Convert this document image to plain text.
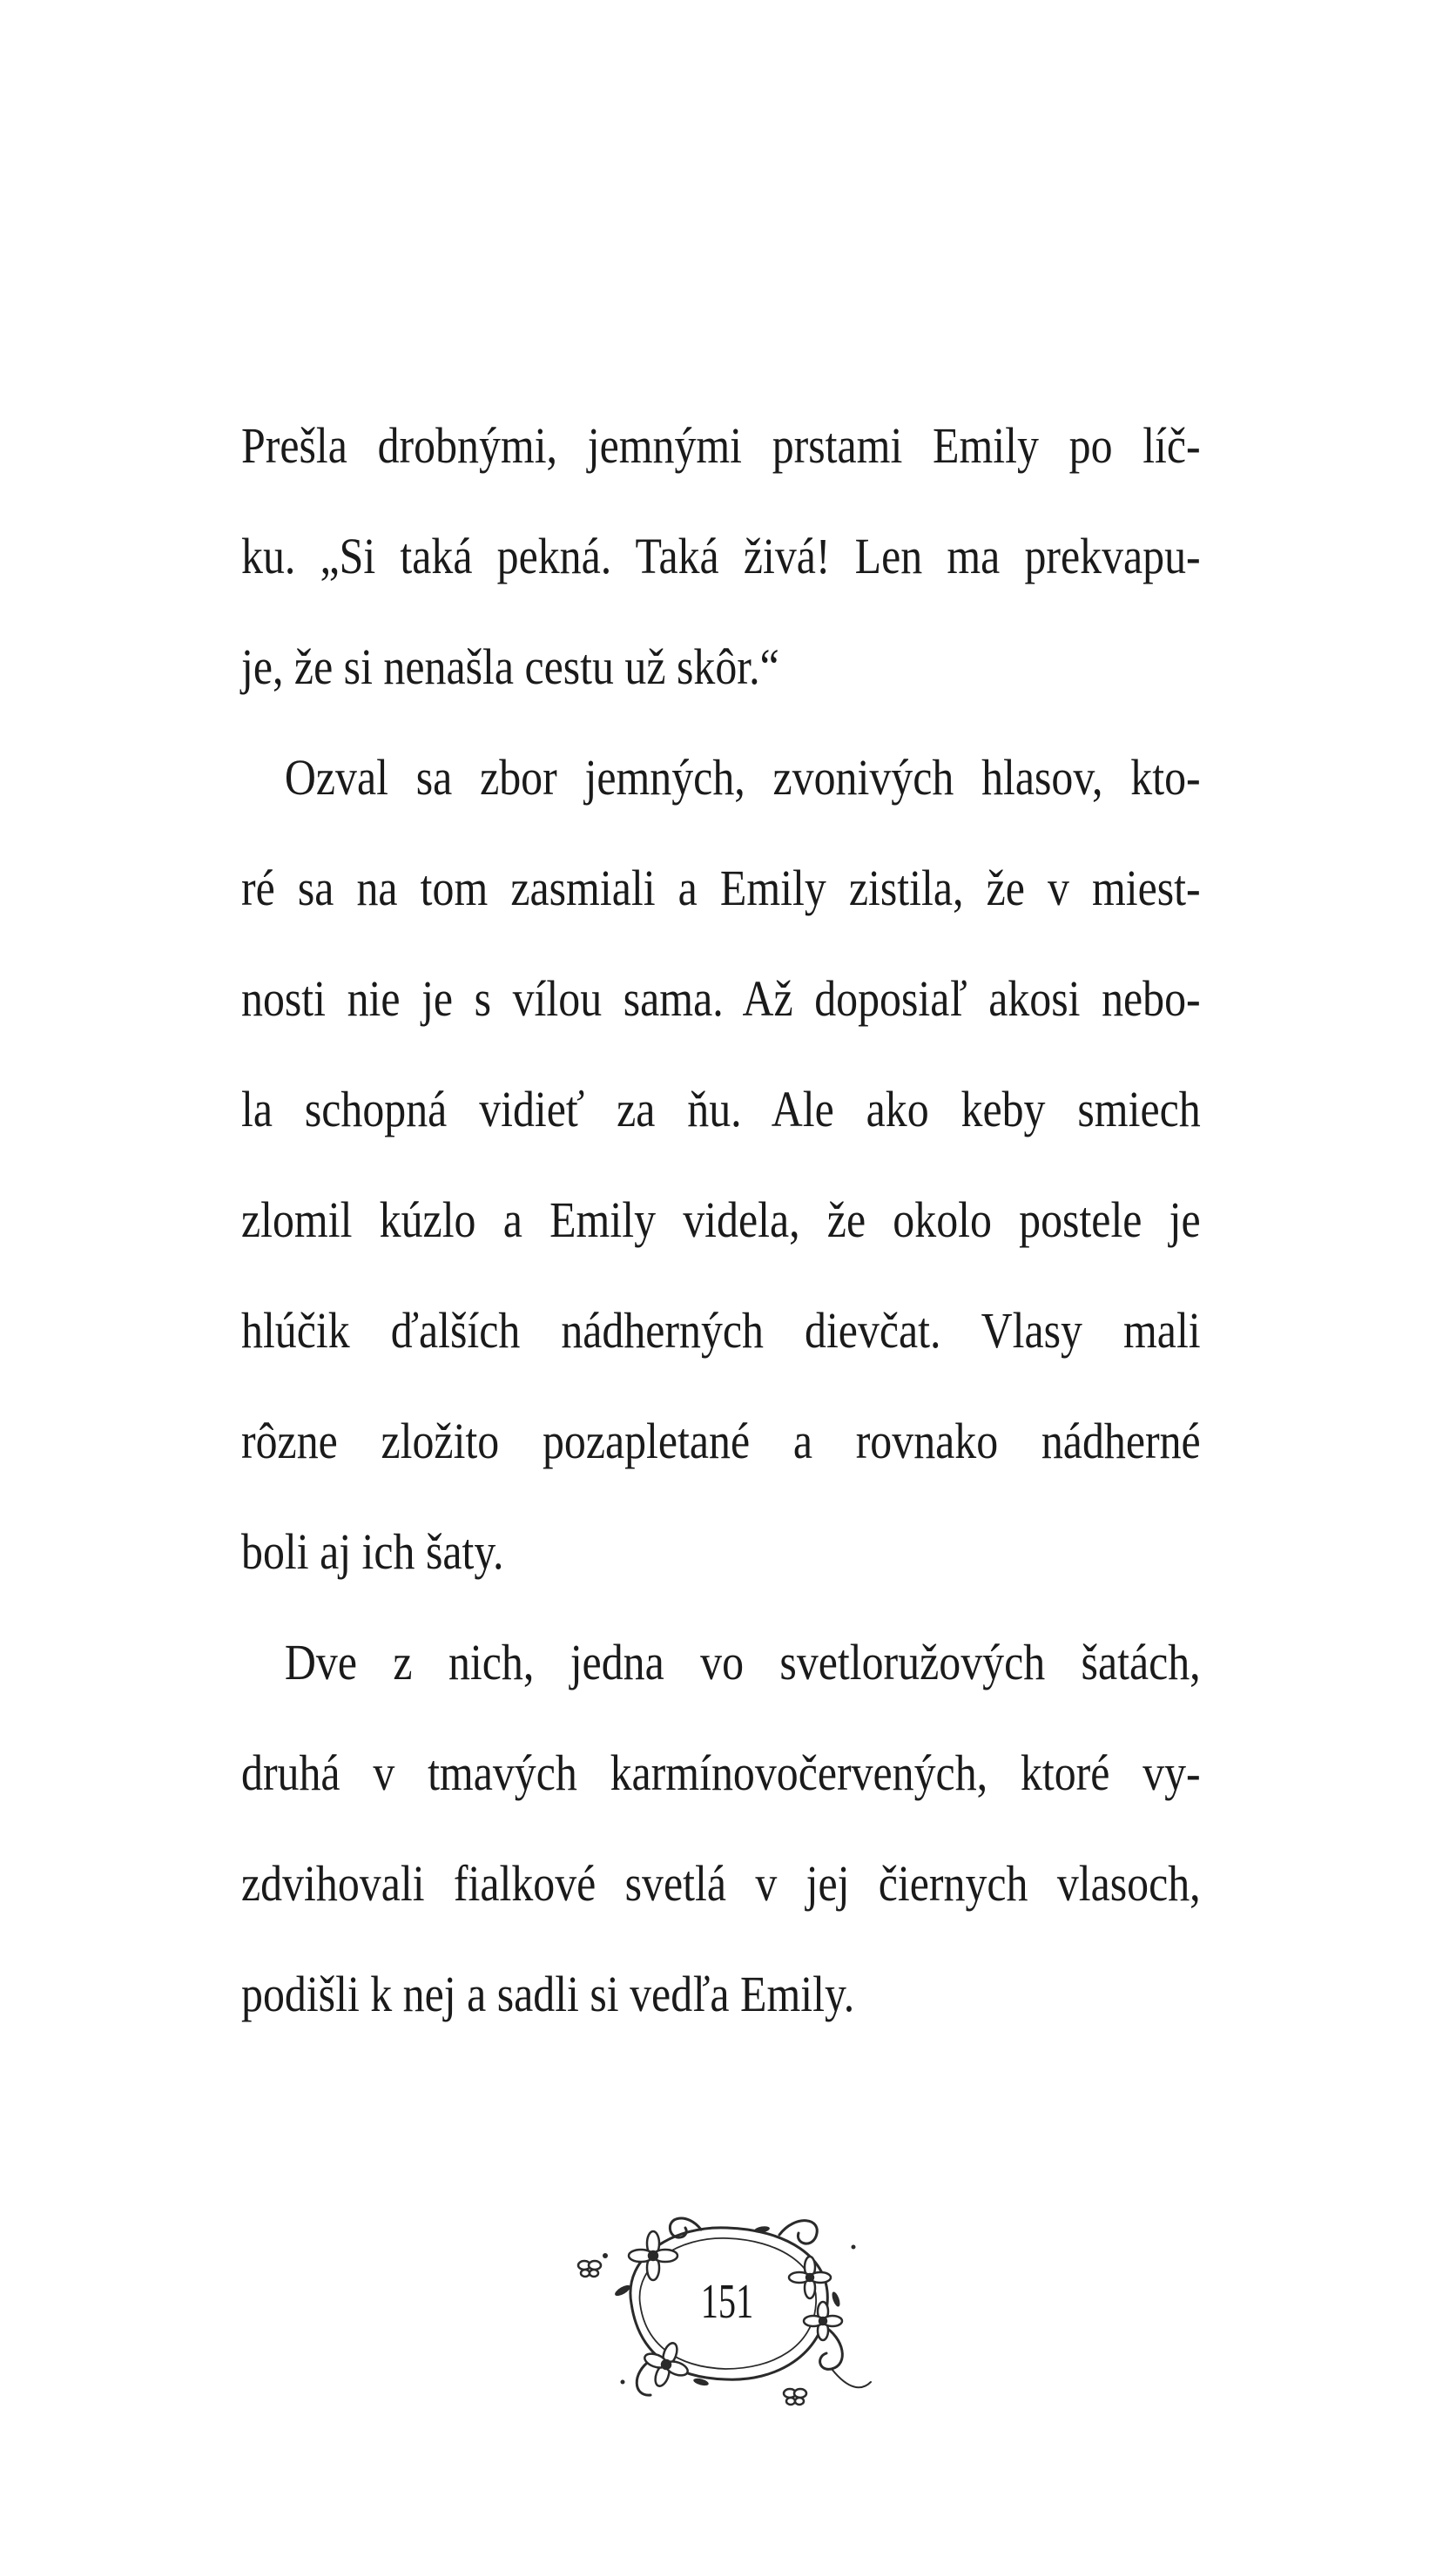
Prešla drobnými, jemnými prstami Emily po líč-
ku. „Si taká pekná. Taká živá! Len ma prekvapu-
je, že si nenašla cestu už skôr.“
Ozval sa zbor jemných, zvonivých hlasov, kto-
ré sa na tom zasmiali a Emily zistila, že v miest-
nosti nie je s vílou sama. Až doposiaľ akosi nebo-
la schopná vidieť za ňu. Ale ako keby smiech
zlomil kúzlo a Emily videla, že okolo postele je
hlúčik ďalších nádherných dievčat. Vlasy mali
rôzne zložito pozapletané a rovnako nádherné
boli aj ich šaty.
Dve z nich, jedna vo svetloružových šatách,
druhá v tmavých karmínovočervených, ktoré vy-
zdvihovali fialkové svetlá v jej čiernych vlasoch,
podišli k nej a sadli si vedľa Emily.
151
